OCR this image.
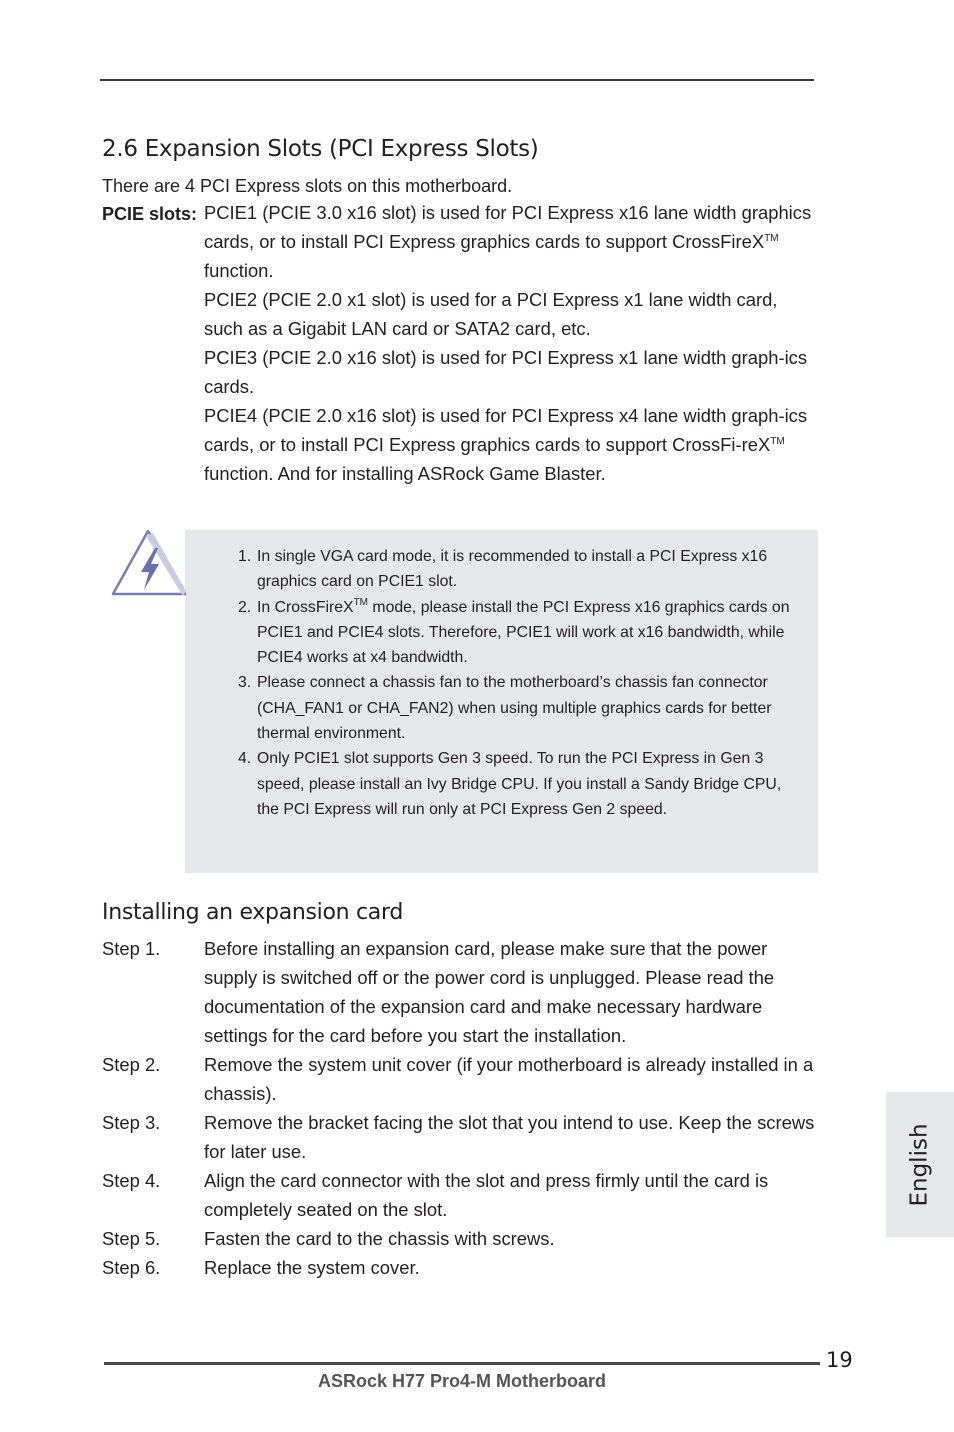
2.6 Expansion Slots (PCI Express Slots)
There are 4 PCI Express slots on this motherboard.
PCIE slots: PCIE1 (PCIE 3.0 x16 slot) is used for PCI Express x16 lane width graphics cards, or to install PCI Express graphics cards to support CrossFireX™ function.

PCIE2 (PCIE 2.0 x1 slot) is used for a PCI Express x1 lane width card, such as a Gigabit LAN card or SATA2 card, etc.

PCIE3 (PCIE 2.0 x16 slot) is used for PCI Express x1 lane width graph-ics cards.

PCIE4 (PCIE 2.0 x16 slot) is used for PCI Express x4 lane width graph-ics cards, or to install PCI Express graphics cards to support CrossFi-reX™ function. And for installing ASRock Game Blaster.

1. In single VGA card mode, it is recommended to install a PCI Express x16 graphics card on PCIE1 slot.
2. In CrossFireX™ mode, please install the PCI Express x16 graphics cards on PCIE1 and PCIE4 slots. Therefore, PCIE1 will work at x16 bandwidth, while PCIE4 works at x4 bandwidth.
3. Please connect a chassis fan to the motherboard’s chassis fan connector (CHA_FAN1 or CHA_FAN2) when using multiple graphics cards for better thermal environment.
4. Only PCIE1 slot supports Gen 3 speed. To run the PCI Express in Gen 3 speed, please install an Ivy Bridge CPU. If you install a Sandy Bridge CPU, the PCI Express will run only at PCI Express Gen 2 speed.
Installing an expansion card
Step 1.	Before installing an expansion card, please make sure that the power supply is switched off or the power cord is unplugged. Please read the documentation of the expansion card and make necessary hardware settings for the card before you start the installation.
Step 2.	Remove the system unit cover (if your motherboard is already installed in a chassis).
Step 3.	Remove the bracket facing the slot that you intend to use. Keep the screws for later use.
Step 4.	Align the card connector with the slot and press firmly until the card is completely seated on the slot.
Step 5.	Fasten the card to the chassis with screws.
Step 6.	Replace the system cover.
English
19
ASRock H77 Pro4-M Motherboard
